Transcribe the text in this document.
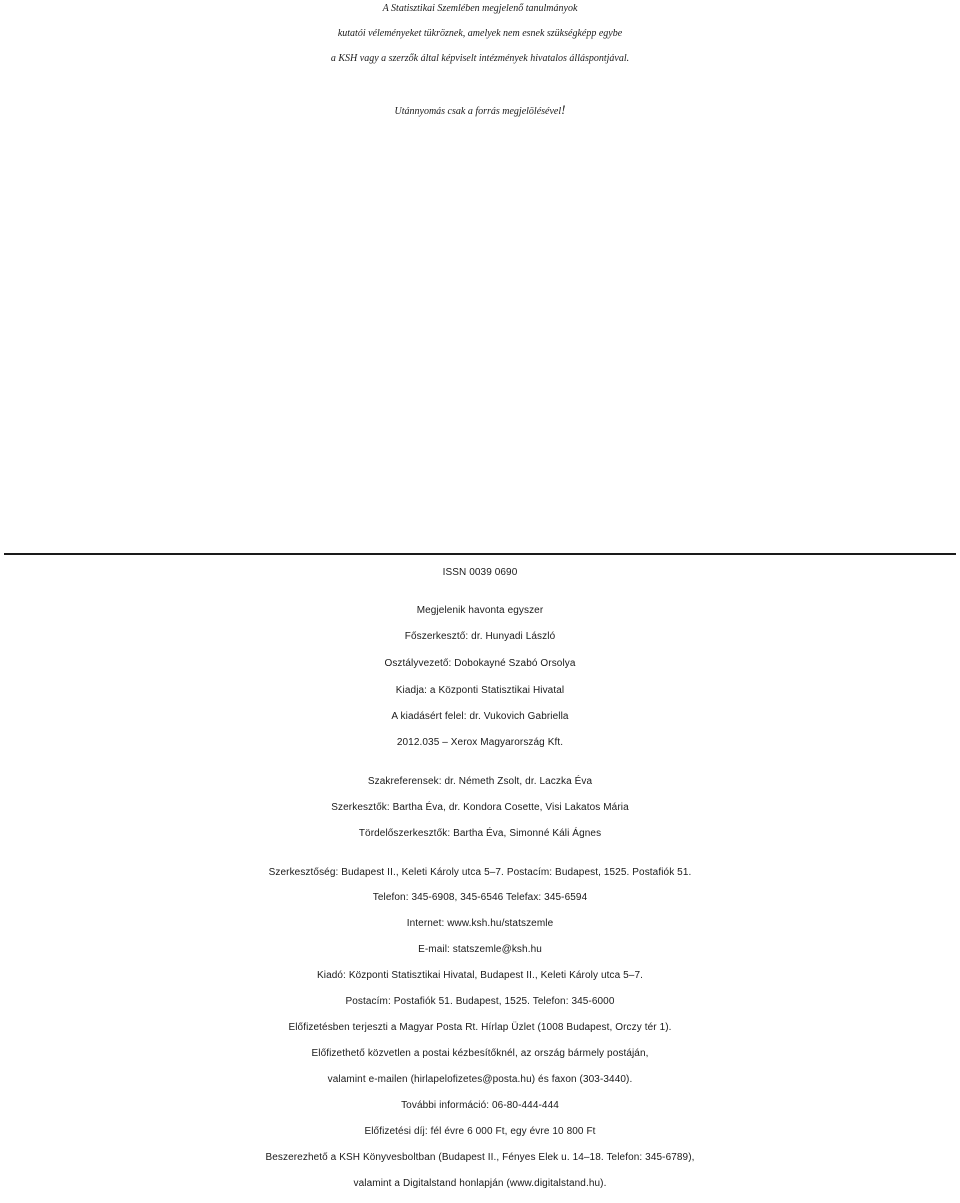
A Statisztikai Szemlében megjelenő tanulmányok
kutatói véleményeket tükröznek, amelyek nem esnek szükségképp egybe
a KSH vagy a szerzők által képviselt intézmények hivatalos álláspontjával.
Utánnyomás csak a forrás megjelölésével!
ISSN 0039 0690
Megjelenik havonta egyszer
Főszerkesztő: dr. Hunyadi László
Osztályvezető: Dobokayné Szabó Orsolya
Kiadja: a Központi Statisztikai Hivatal
A kiadásért felel: dr. Vukovich Gabriella
2012.035 – Xerox Magyarország Kft.
Szakreferensek: dr. Németh Zsolt, dr. Laczka Éva
Szerkesztők: Bartha Éva, dr. Kondora Cosette, Visi Lakatos Mária
Tördelőszerkesztők: Bartha Éva, Simonné Káli Ágnes
Szerkesztőség: Budapest II., Keleti Károly utca 5–7. Postacím: Budapest, 1525. Postafiók 51.
Telefon: 345-6908, 345-6546 Telefax: 345-6594
Internet: www.ksh.hu/statszemle
E-mail: statszemle@ksh.hu
Kiadó: Központi Statisztikai Hivatal, Budapest II., Keleti Károly utca 5–7.
Postacím: Postafiók 51. Budapest, 1525. Telefon: 345-6000
Előfizetésben terjeszti a Magyar Posta Rt. Hírlap Üzlet (1008 Budapest, Orczy tér 1).
Előfizethető közvetlen a postai kézbesítőknél, az ország bármely postáján,
valamint e-mailen (hirlapelofizetes@posta.hu) és faxon (303-3440).
További információ: 06-80-444-444
Előfizetési díj: fél évre 6 000 Ft, egy évre 10 800 Ft
Beszerezhető a KSH Könyvesboltban (Budapest II., Fényes Elek u. 14–18. Telefon: 345-6789),
valamint a Digitalstand honlapján (www.digitalstand.hu).
